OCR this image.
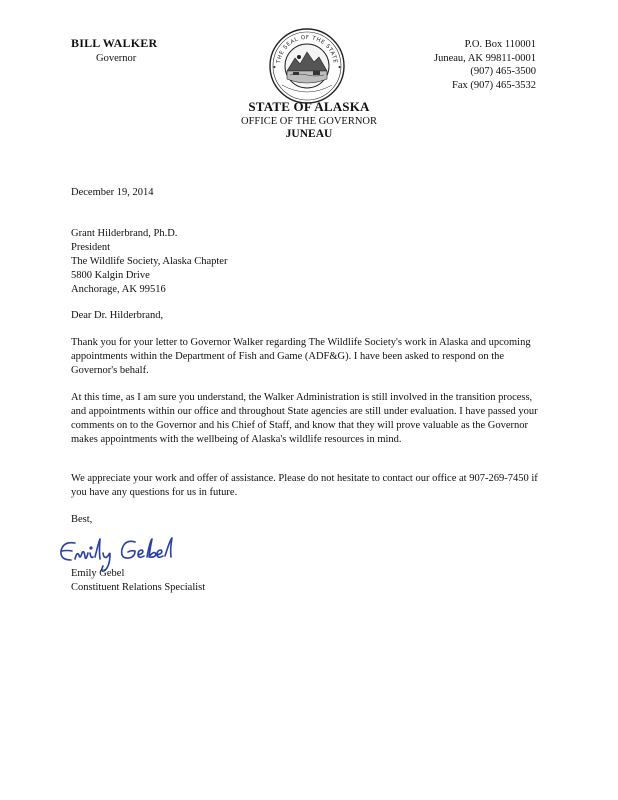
BILL WALKER
Governor	THE SEAL OF THE STATE
P.O. Box 110001
Juneau, AK 99811-0001
(907) 465-3500
Fax (907) 465-3532
STATE OF ALASKA
OFFICE OF THE GOVERNOR
JUNEAU
December 19, 2014
Grant Hilderbrand, Ph.D.
President
The Wildlife Society, Alaska Chapter
5800 Kalgin Drive
Anchorage, AK 99516
Dear Dr. Hilderbrand,

Thank you for your letter to Governor Walker regarding The Wildlife Society's work in Alaska and upcoming appointments within the Department of Fish and Game (ADF&G). I have been asked to respond on the Governor's behalf.

At this time, as I am sure you understand, the Walker Administration is still involved in the transition process, and appointments within our office and throughout State agencies are still under evaluation. I have passed your comments on to the Governor and his Chief of Staff, and know that they will prove valuable as the Governor makes appointments with the wellbeing of Alaska's wildlife resources in mind.

We appreciate your work and offer of assistance. Please do not hesitate to contact our office at 907-269-7450 if you have any questions for us in future.

Best,
Emily Gebel
Constituent Relations Specialist
